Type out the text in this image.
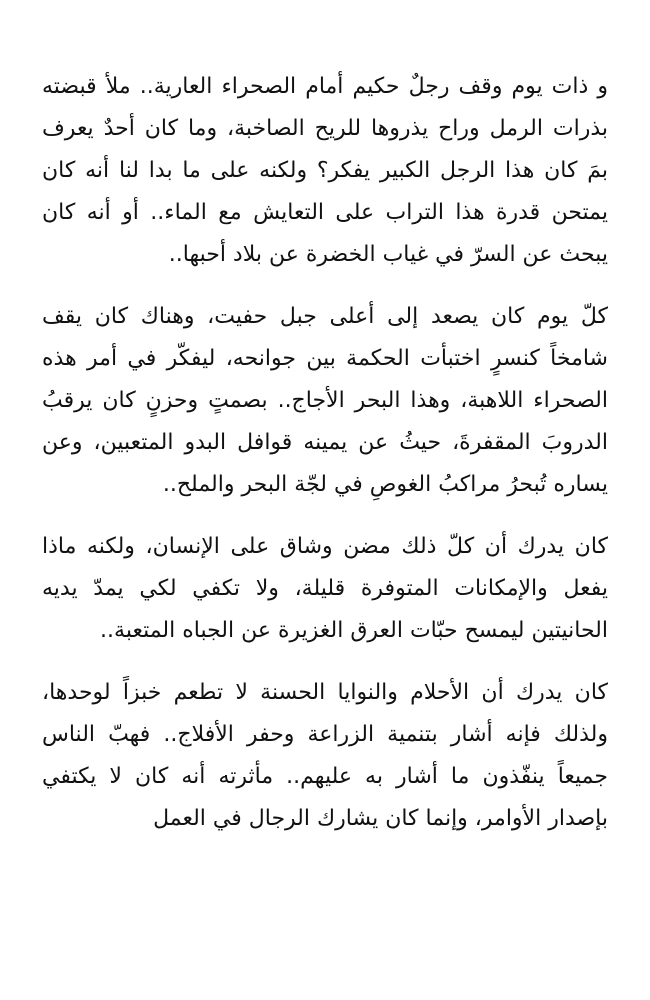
و ذات يوم وقف رجلٌ حكيم أمام الصحراء العارية.. ملأ قبضته بذرات الرمل وراح يذروها للريح الصاخبة، وما كان أحدٌ يعرف بمَ كان هذا الرجل الكبير يفكر؟ ولكنه على ما بدا لنا أنه كان يمتحن قدرة هذا التراب على التعايش مع الماء.. أو أنه كان يبحث عن السرّ في غياب الخضرة عن بلاد أحبها..

كلّ يوم كان يصعد إلى أعلى جبل حفيت، وهناك كان يقف شامخاً كنسرٍ اختبأت الحكمة بين جوانحه، ليفكّر في أمر هذه الصحراء اللاهبة، وهذا البحر الأجاج.. بصمتٍ وحزنٍ كان يرقبُ الدروبَ المقفرةَ، حيثُ عن يمينه قوافل البدو المتعبين، وعن يساره تُبحرُ مراكبُ الغوصِ في لجّة البحر والملح..

كان يدرك أن كلّ ذلك مضن وشاق على الإنسان، ولكنه ماذا يفعل والإمكانات المتوفرة قليلة، ولا تكفي لكي يمدّ يديه الحانيتين ليمسح حبّات العرق الغزيرة عن الجباه المتعبة..

كان يدرك أن الأحلام والنوايا الحسنة لا تطعم خبزاً لوحدها، ولذلك فإنه أشار بتنمية الزراعة وحفر الأفلاج.. فهبّ الناس جميعاً ينفّذون ما أشار به عليهم.. مأثرته أنه كان لا يكتفي بإصدار الأوامر، وإنما كان يشارك الرجال في العمل
